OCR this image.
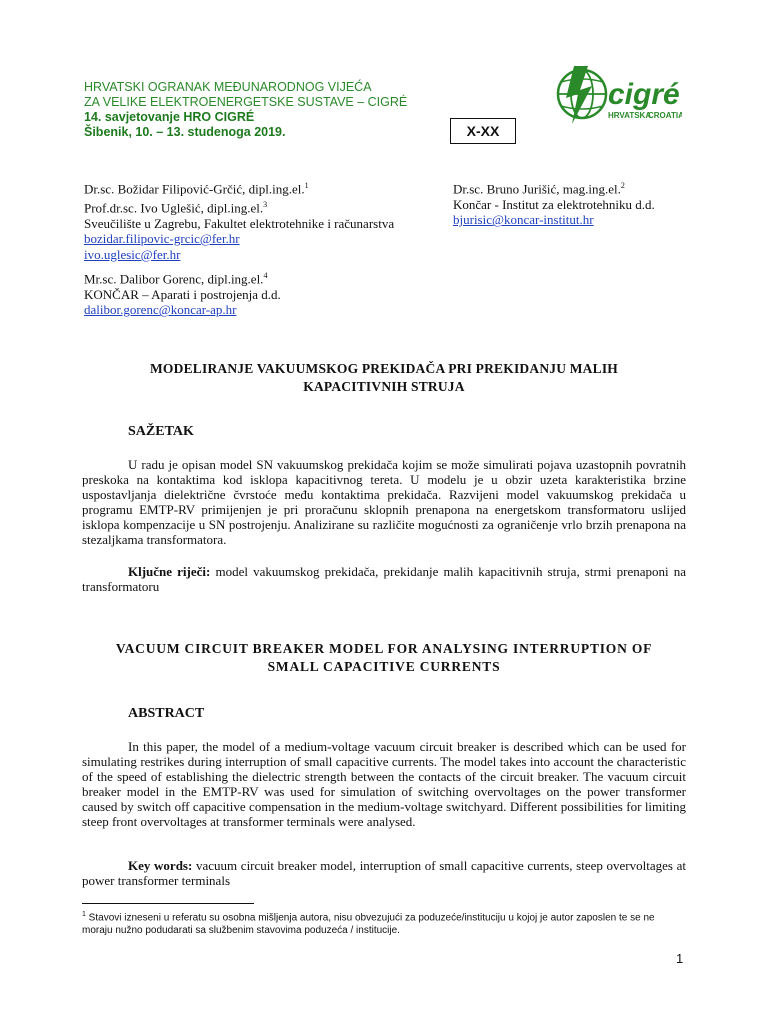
HRVATSKI OGRANAK MEĐUNARODNOG VIJEĆA
ZA VELIKE ELEKTROENERGETSKE SUSTAVE – CIGRÉ
14. savjetovanje HRO CIGRÉ
Šibenik, 10. – 13. studenoga 2019.	X-XX
cigré
HRVATSKA
CROATIA
Dr.sc. Božidar Filipović-Grčić, dipl.ing.el.$^1$
Prof.dr.sc. Ivo Uglešić, dipl.ing.el.$^3$
Sveučilište u Zagrebu, Fakultet elektrotehnike i računarstva
bozidar.filipovic-grcic@fer.hr
ivo.uglesic@fer.hr
Mr.sc. Dalibor Gorenc, dipl.ing.el.$^4$
KONČAR – Aparati i postrojenja d.d.
dalibor.gorenc@koncar-ap.hr
Dr.sc. Bruno Jurišić, mag.ing.el.$^2$
Končar - Institut za elektrotehniku d.d.
bjurisic@koncar-institut.hr
MODELIRANJE VAKUUMSKOG PREKIDAČA PRI PREKIDANJU MALIH
KAPACITIVNIH STRUJA
SAŽETAK
U radu je opisan model SN vakuumskog prekidača kojim se može simulirati pojava uzastopnih povratnih preskoka na kontaktima kod isklopa kapacitivnog tereta. U modelu je u obzir uzeta karakteristika brzine uspostavljanja dielektrične čvrstoće među kontaktima prekidača. Razvijeni model vakuumskog prekidača u programu EMTP-RV primijenjen je pri proračunu sklopnih prenapona na energetskom transformatoru uslijed isklopa kompenzacije u SN postrojenju. Analizirane su različite mogućnosti za ograničenje vrlo brzih prenapona na stezaljkama transformatora.
Ključne riječi: model vakuumskog prekidača, prekidanje malih kapacitivnih struja, strmi prenaponi na transformatoru
VACUUM CIRCUIT BREAKER MODEL FOR ANALYSING INTERRUPTION OF
SMALL CAPACITIVE CURRENTS
ABSTRACT
In this paper, the model of a medium-voltage vacuum circuit breaker is described which can be used for simulating restrikes during interruption of small capacitive currents. The model takes into account the characteristic of the speed of establishing the dielectric strength between the contacts of the circuit breaker. The vacuum circuit breaker model in the EMTP-RV was used for simulation of switching overvoltages on the power transformer caused by switch off capacitive compensation in the medium-voltage switchyard. Different possibilities for limiting steep front overvoltages at transformer terminals were analysed.
Key words: vacuum circuit breaker model, interruption of small capacitive currents, steep overvoltages at power transformer terminals
$^1$ Stavovi izneseni u referatu su osobna mišljenja autora, nisu obvezujući za poduzeće/instituciju u kojoj je autor zaposlen te se ne moraju nužno podudarati sa službenim stavovima poduzeća / institucije.
1
